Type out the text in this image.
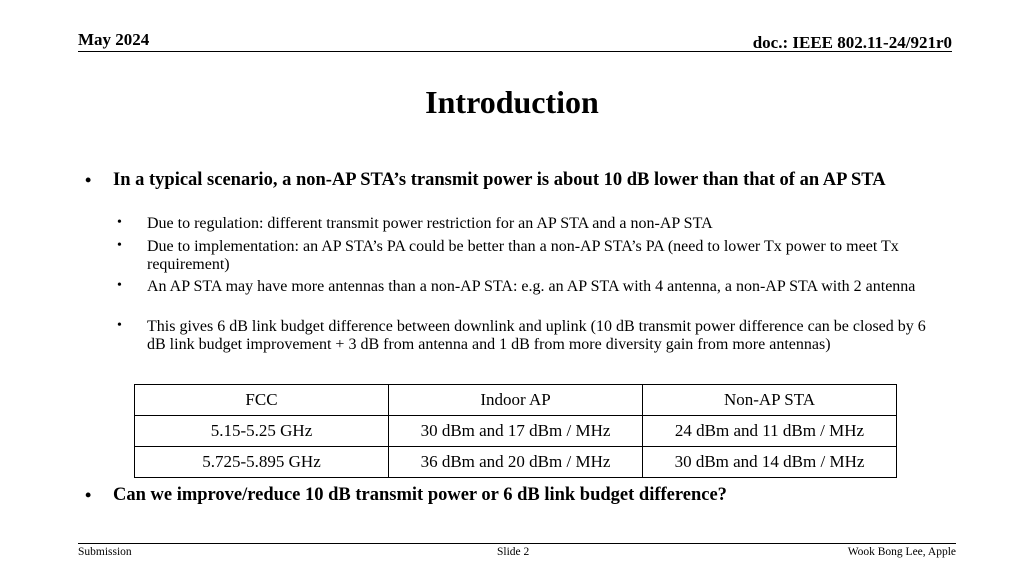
May 2024	doc.: IEEE 802.11-24/921r0
Introduction
• In a typical scenario, a non-AP STA’s transmit power is about 10 dB lower than that of an AP STA
• Due to regulation: different transmit power restriction for an AP STA and a non-AP STA
• Due to implementation: an AP STA’s PA could be better than a non-AP STA’s PA (need to lower Tx power to meet Tx requirement)
• An AP STA may have more antennas than a non-AP STA: e.g. an AP STA with 4 antenna, a non-AP STA with 2 antenna
• This gives 6 dB link budget difference between downlink and uplink (10 dB transmit power difference can be closed by 6 dB link budget improvement + 3 dB from antenna and 1 dB from more diversity gain from more antennas)
FCC	Indoor AP	Non-AP STA
5.15-5.25 GHz	30 dBm and 17 dBm / MHz	24 dBm and 11 dBm / MHz
5.725-5.895 GHz	36 dBm and 20 dBm / MHz	30 dBm and 14 dBm / MHz
• Can we improve/reduce 10 dB transmit power or 6 dB link budget difference?
Submission	Slide 2	Wook Bong Lee, Apple
